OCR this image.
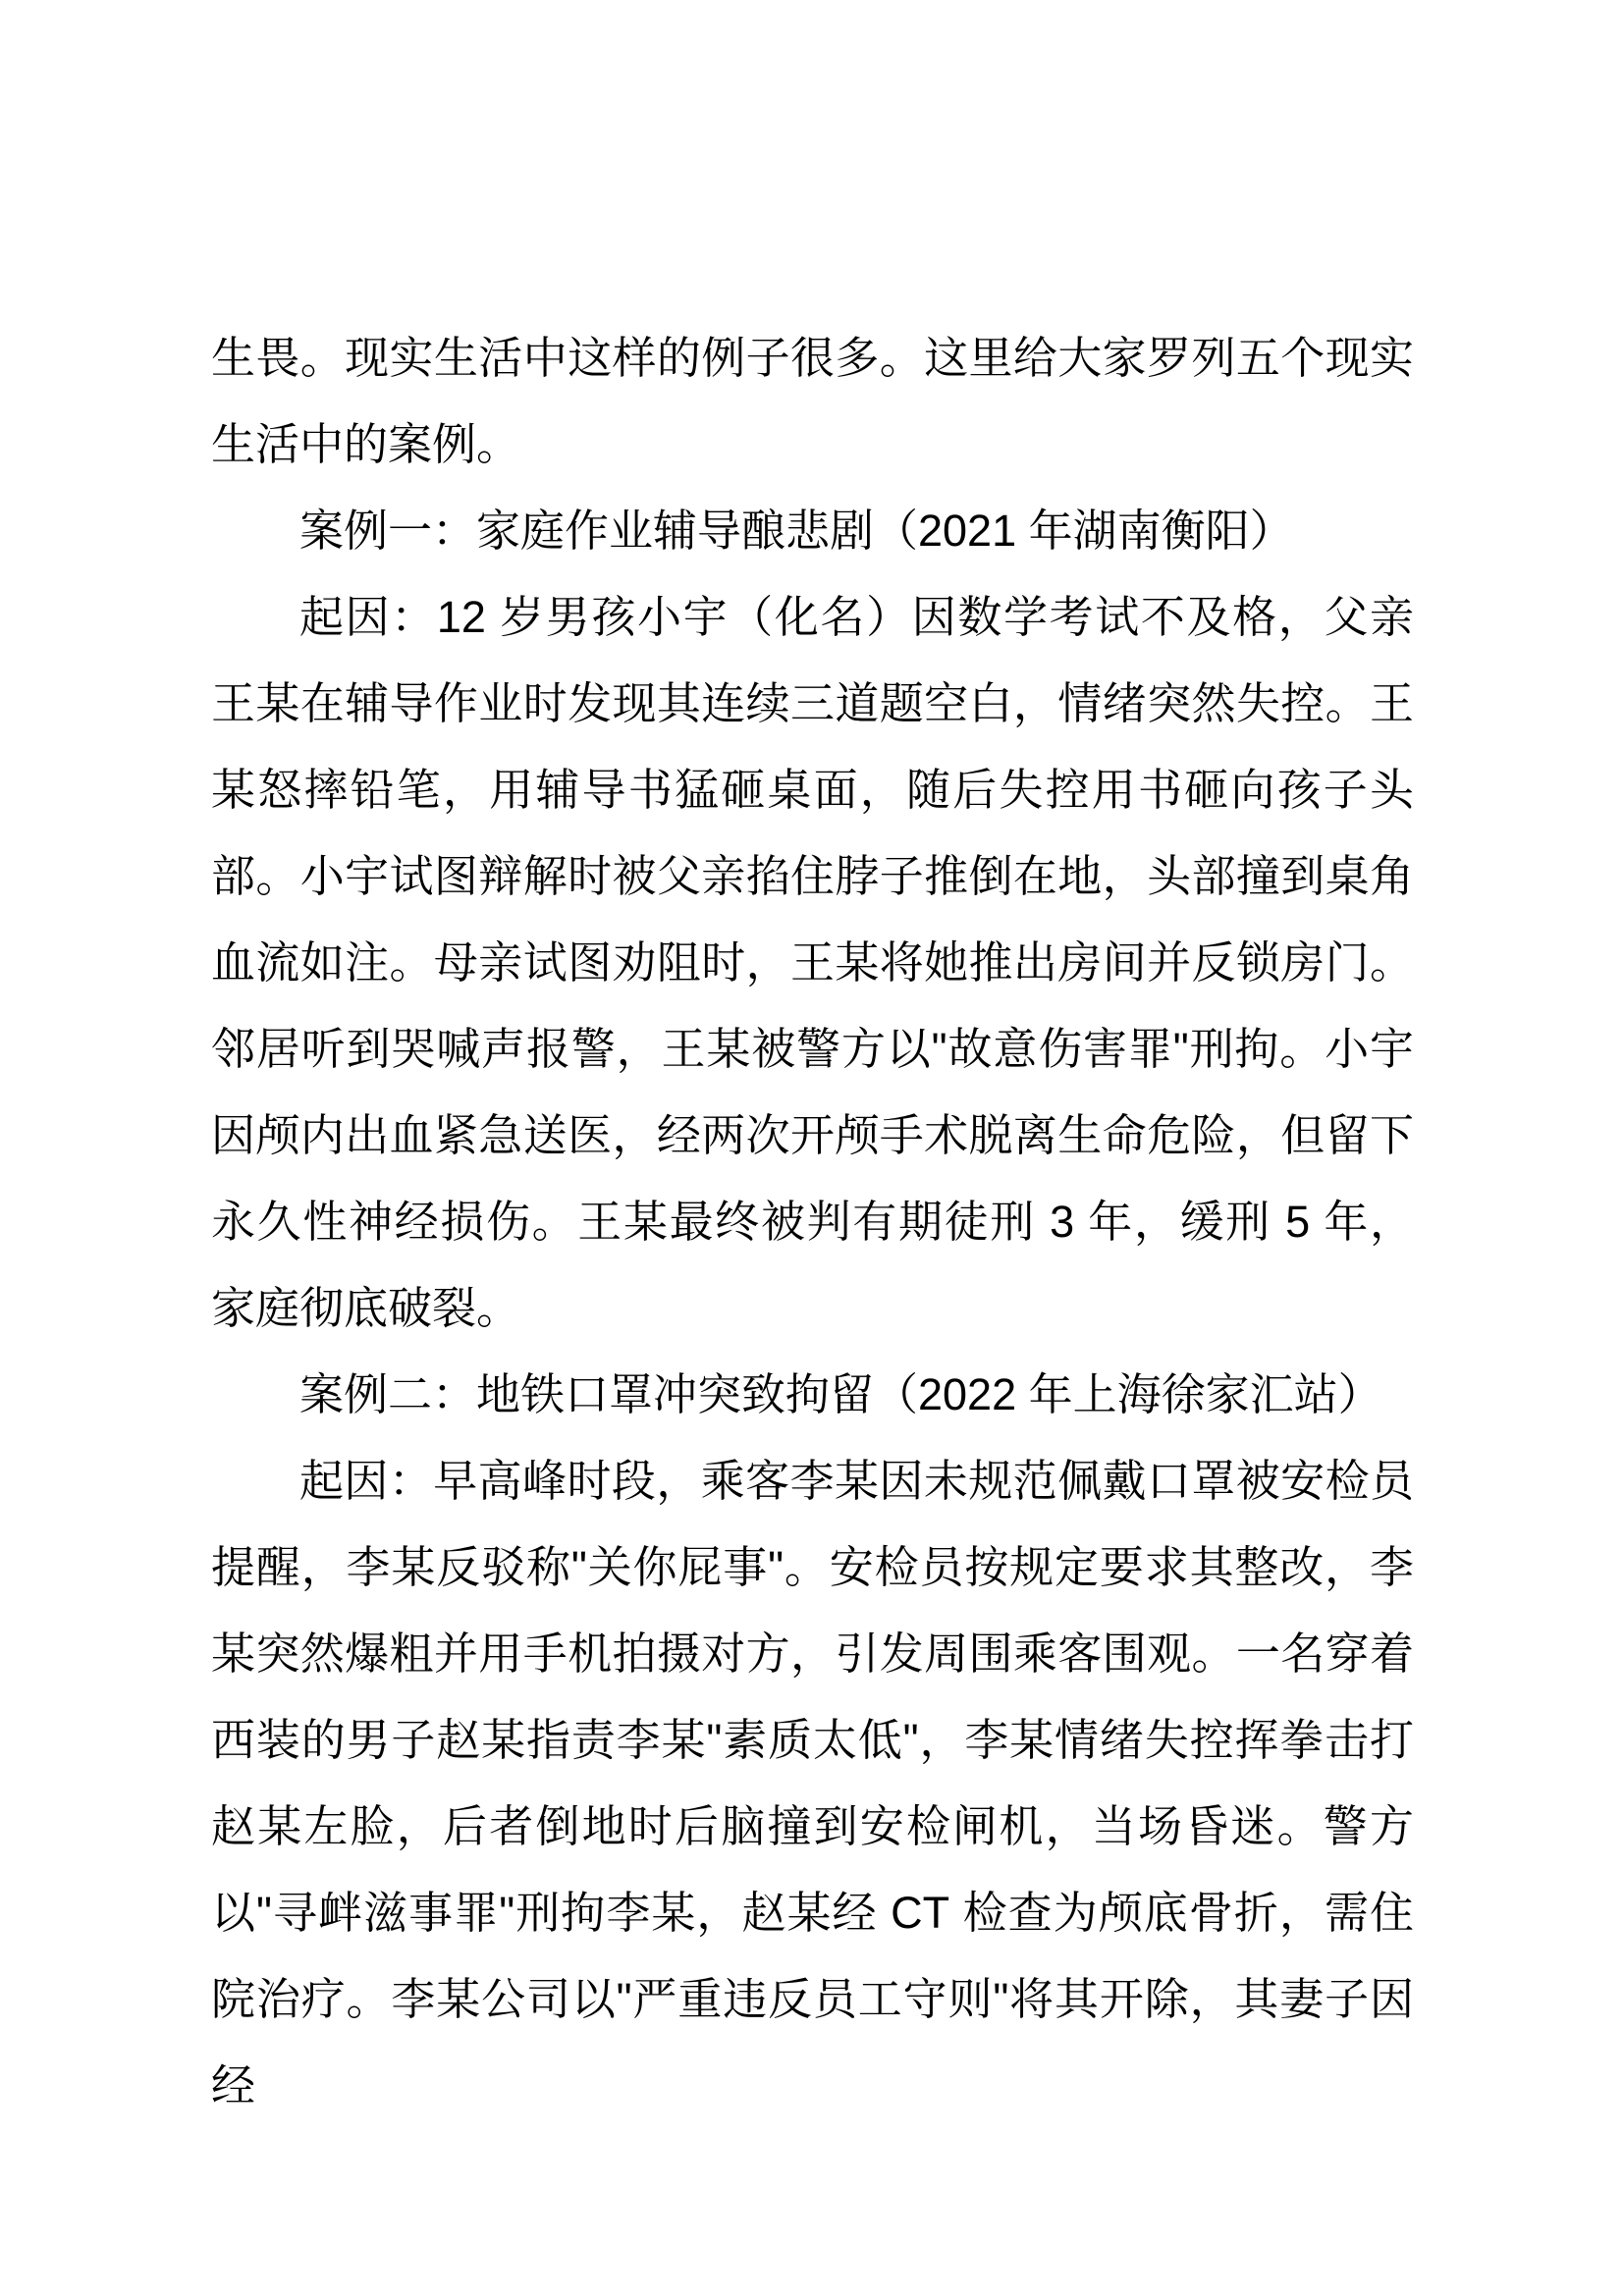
生畏。现实生活中这样的例子很多。这里给大家罗列五个现实生活中的案例。

案例一：家庭作业辅导酿悲剧（2021 年湖南衡阳）

起因：12 岁男孩小宇（化名）因数学考试不及格，父亲王某在辅导作业时发现其连续三道题空白，情绪突然失控。王某怒摔铅笔，用辅导书猛砸桌面，随后失控用书砸向孩子头部。小宇试图辩解时被父亲掐住脖子推倒在地，头部撞到桌角血流如注。母亲试图劝阻时，王某将她推出房间并反锁房门。邻居听到哭喊声报警，王某被警方以"故意伤害罪"刑拘。小宇因颅内出血紧急送医，经两次开颅手术脱离生命危险，但留下永久性神经损伤。王某最终被判有期徒刑 3 年，缓刑 5 年，家庭彻底破裂。

案例二：地铁口罩冲突致拘留（2022 年上海徐家汇站）

起因：早高峰时段，乘客李某因未规范佩戴口罩被安检员提醒，李某反驳称"关你屁事"。安检员按规定要求其整改，李某突然爆粗并用手机拍摄对方，引发周围乘客围观。一名穿着西装的男子赵某指责李某"素质太低"，李某情绪失控挥拳击打赵某左脸，后者倒地时后脑撞到安检闸机，当场昏迷。警方以"寻衅滋事罪"刑拘李某，赵某经 CT 检查为颅底骨折，需住院治疗。李某公司以"严重违反员工守则"将其开除，其妻子因经
